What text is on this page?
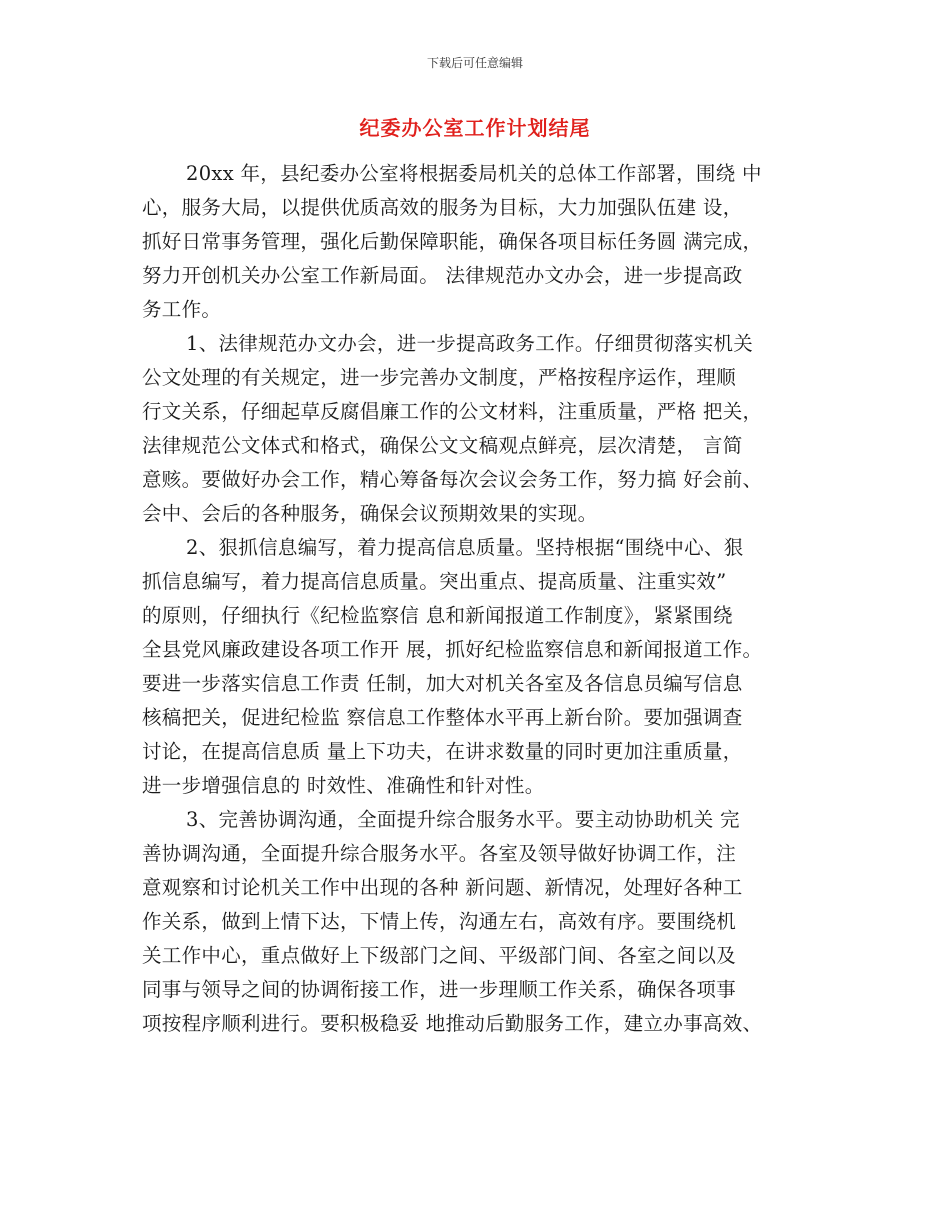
下载后可任意编辑
纪委办公室工作计划结尾
20xx 年，县纪委办公室将根据委局机关的总体工作部署，围绕 中
心，服务大局，以提供优质高效的服务为目标，大力加强队伍建 设，
抓好日常事务管理，强化后勤保障职能，确保各项目标任务圆 满完成，
努力开创机关办公室工作新局面。 法律规范办文办会，进一步提高政
务工作。
1、法律规范办文办会，进一步提高政务工作。仔细贯彻落实机关
公文处理的有关规定，进一步完善办文制度，严格按程序运作，理顺
行文关系，仔细起草反腐倡廉工作的公文材料，注重质量，严格 把关，
法律规范公文体式和格式，确保公文文稿观点鲜亮，层次清楚， 言简
意赅。要做好办会工作，精心筹备每次会议会务工作，努力搞 好会前、
会中、会后的各种服务，确保会议预期效果的实现。
2、狠抓信息编写，着力提高信息质量。坚持根据“围绕中心、狠
抓信息编写，着力提高信息质量。突出重点、提高质量、注重实效”
的原则，仔细执行《纪检监察信 息和新闻报道工作制度》，紧紧围绕
全县党风廉政建设各项工作开 展，抓好纪检监察信息和新闻报道工作。
要进一步落实信息工作责 任制，加大对机关各室及各信息员编写信息
核稿把关，促进纪检监 察信息工作整体水平再上新台阶。要加强调查
讨论，在提高信息质 量上下功夫，在讲求数量的同时更加注重质量，
进一步增强信息的 时效性、准确性和针对性。
3、完善协调沟通，全面提升综合服务水平。要主动协助机关 完
善协调沟通，全面提升综合服务水平。各室及领导做好协调工作，注
意观察和讨论机关工作中出现的各种 新问题、新情况，处理好各种工
作关系，做到上情下达，下情上传，沟通左右，高效有序。要围绕机
关工作中心，重点做好上下级部门之间、平级部门间、各室之间以及
同事与领导之间的协调衔接工作，进一步理顺工作关系，确保各项事
项按程序顺利进行。要积极稳妥 地推动后勤服务工作，建立办事高效、
